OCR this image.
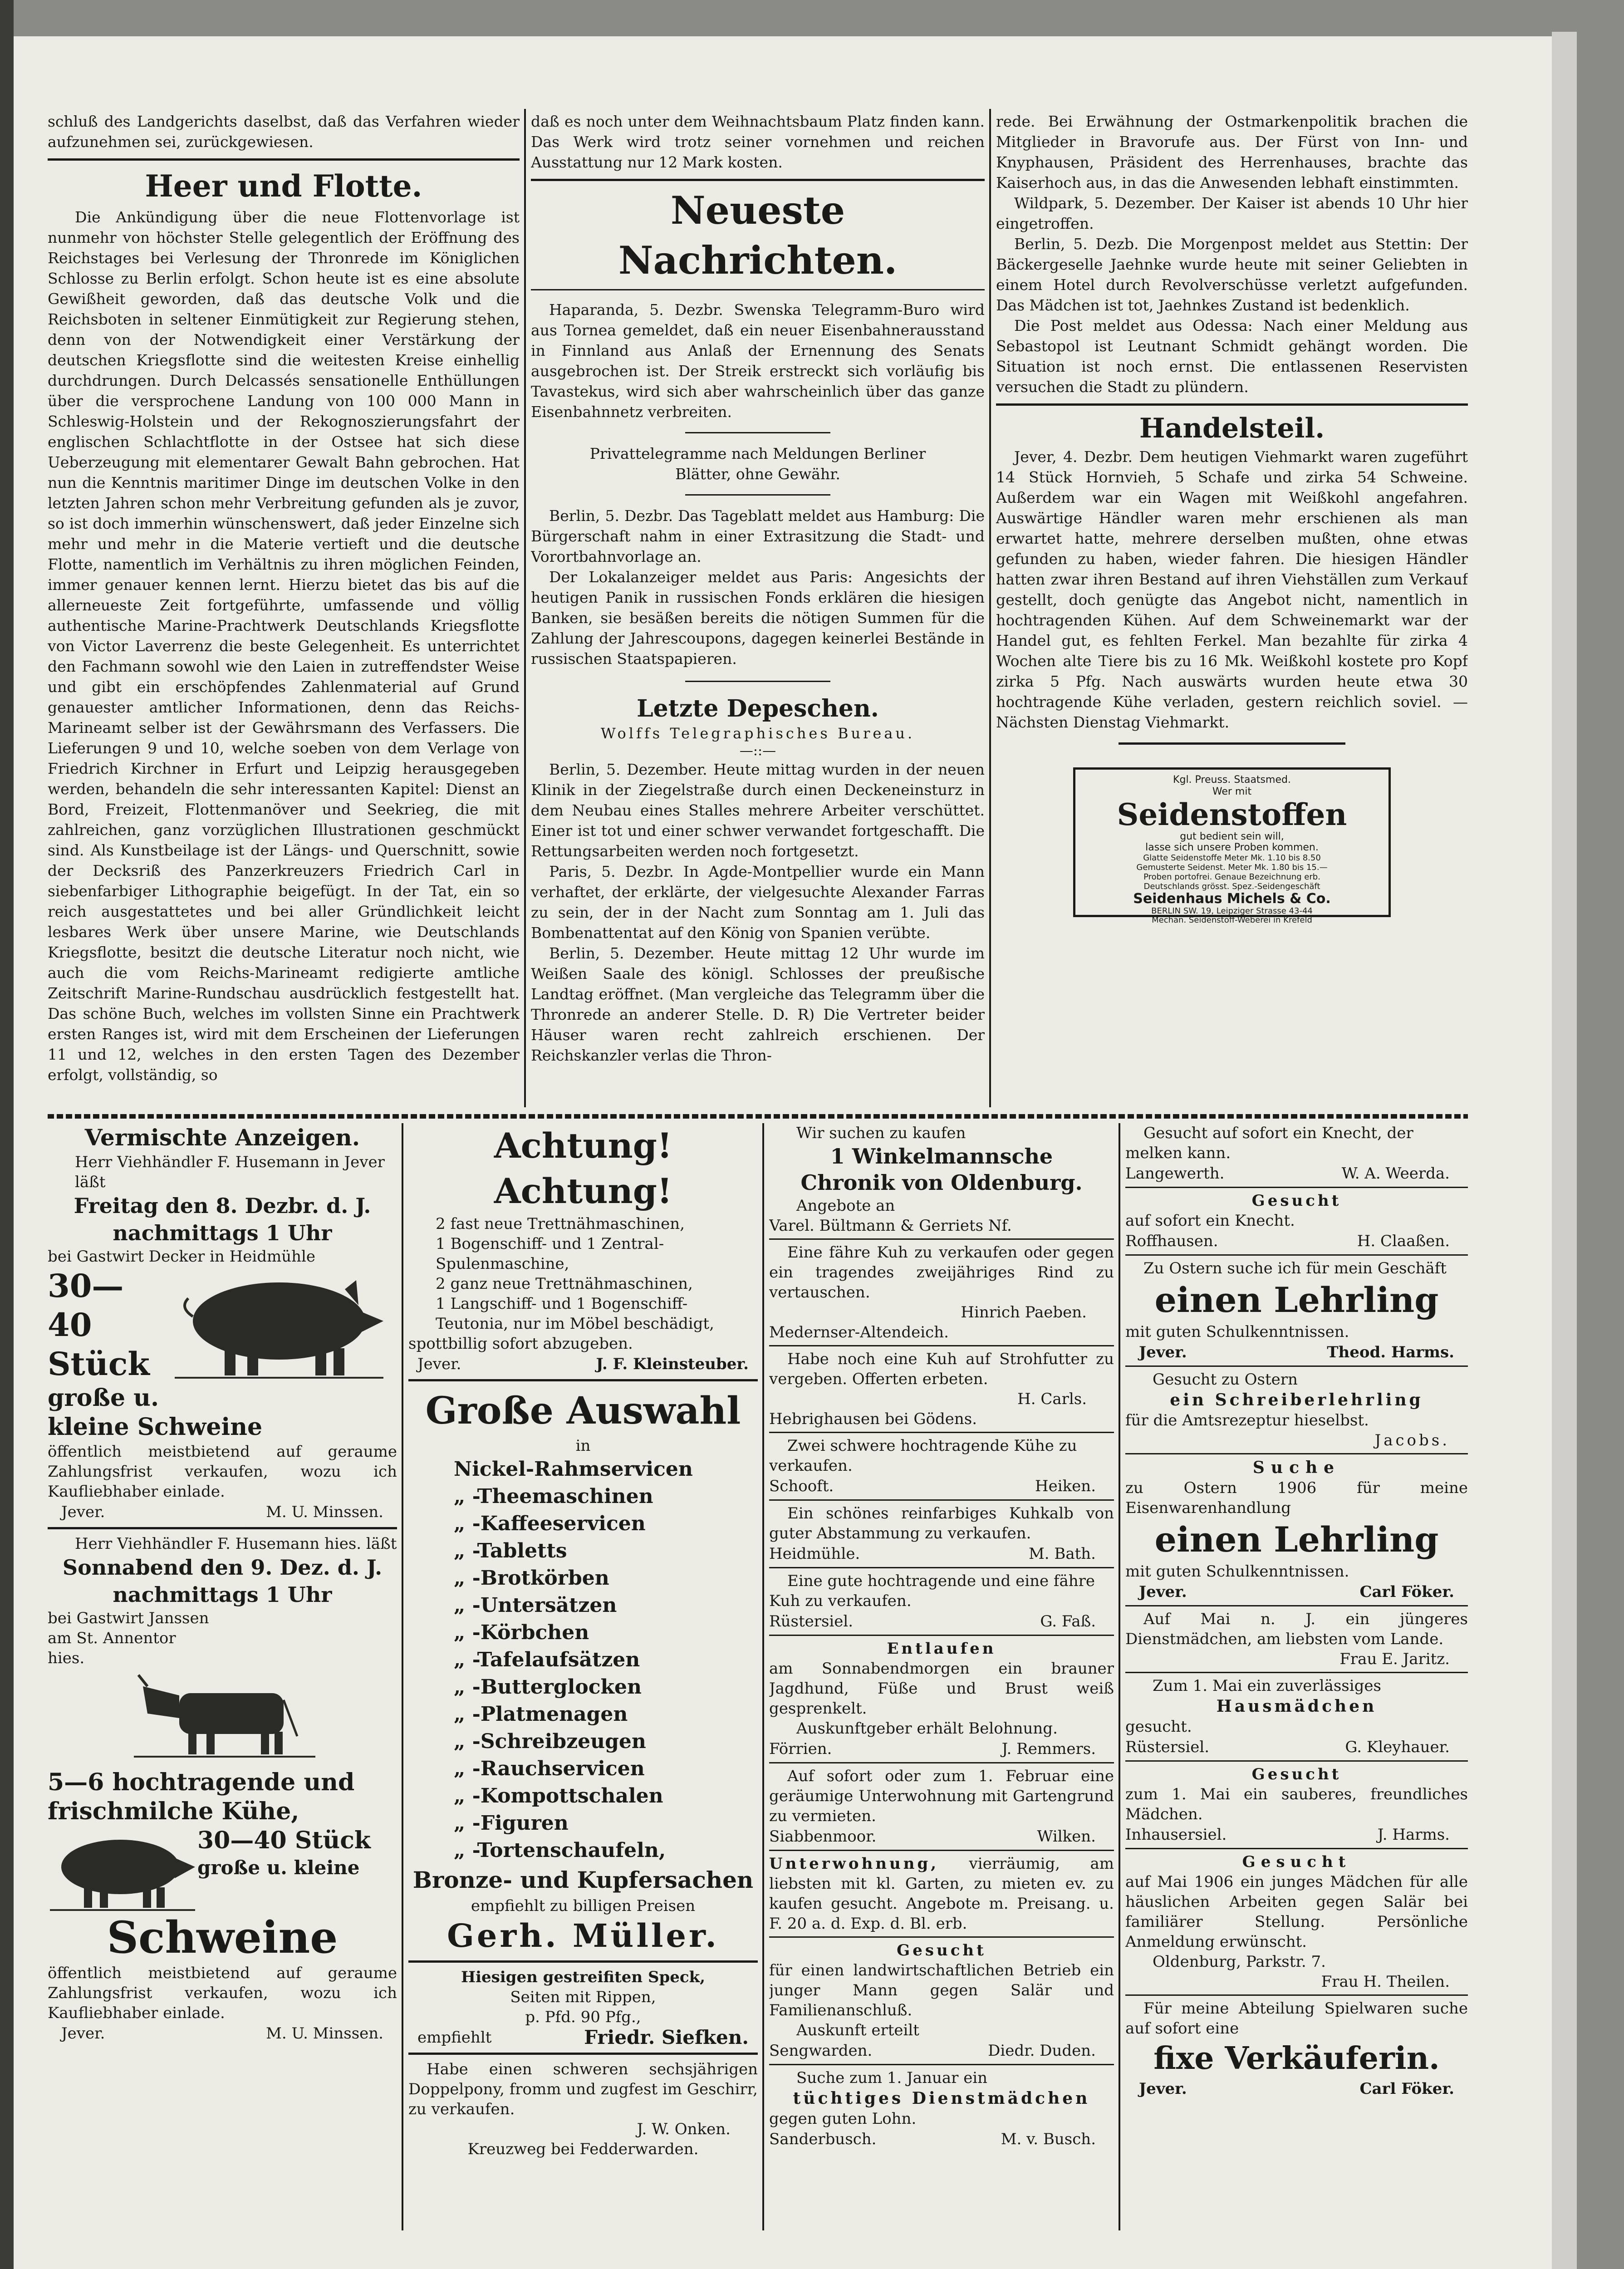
schluß des Landgerichts daselbst, daß das Verfahren wieder aufzunehmen sei, zurückgewiesen.

Heer und Flotte.

Die Ankündigung über die neue Flottenvorlage ist nunmehr von höchster Stelle gelegentlich der Eröffnung des Reichstages bei Verlesung der Thronrede im Königlichen Schlosse zu Berlin erfolgt. Schon heute ist es eine absolute Gewißheit geworden, daß das deutsche Volk und die Reichsboten in seltener Einmütigkeit zur Regierung stehen, denn von der Notwendigkeit einer Verstärkung der deutschen Kriegsflotte sind die weitesten Kreise einhellig durchdrungen. Durch Delcassés sensationelle Enthüllungen über die versprochene Landung von 100 000 Mann in Schleswig-Holstein und der Rekognoszierungsfahrt der englischen Schlachtflotte in der Ostsee hat sich diese Ueberzeugung mit elementarer Gewalt Bahn gebrochen. Hat nun die Kenntnis maritimer Dinge im deutschen Volke in den letzten Jahren schon mehr Verbreitung gefunden als je zuvor, so ist doch immerhin wünschenswert, daß jeder Einzelne sich mehr und mehr in die Materie vertieft und die deutsche Flotte, namentlich im Verhältnis zu ihren möglichen Feinden, immer genauer kennen lernt. Hierzu bietet das bis auf die allerneueste Zeit fortgeführte, umfassende und völlig authentische Marine-Prachtwerk Deutschlands Kriegsflotte von Victor Laverrenz die beste Gelegenheit. Es unterrichtet den Fachmann sowohl wie den Laien in zutreffendster Weise und gibt ein erschöpfendes Zahlenmaterial auf Grund genauester amtlicher Informationen, denn das Reichs-Marineamt selber ist der Gewährsmann des Verfassers. Die Lieferungen 9 und 10, welche soeben von dem Verlage von Friedrich Kirchner in Erfurt und Leipzig herausgegeben werden, behandeln die sehr interessanten Kapitel: Dienst an Bord, Freizeit, Flottenmanöver und Seekrieg, die mit zahlreichen, ganz vorzüglichen Illustrationen geschmückt sind. Als Kunstbeilage ist der Längs- und Querschnitt, sowie der Decksriß des Panzerkreuzers Friedrich Carl in siebenfarbiger Lithographie beigefügt. In der Tat, ein so reich ausgestattetes und bei aller Gründlichkeit leicht lesbares Werk über unsere Marine, wie Deutschlands Kriegsflotte, besitzt die deutsche Literatur noch nicht, wie auch die vom Reichs-Marineamt redigierte amtliche Zeitschrift Marine-Rundschau ausdrücklich festgestellt hat. Das schöne Buch, welches im vollsten Sinne ein Prachtwerk ersten Ranges ist, wird mit dem Erscheinen der Lieferungen 11 und 12, welches in den ersten Tagen des Dezember erfolgt, vollständig, so

daß es noch unter dem Weihnachtsbaum Platz finden kann. Das Werk wird trotz seiner vornehmen und reichen Ausstattung nur 12 Mark kosten.

Neueste Nachrichten.

Haparanda, 5. Dezbr. Swenska Telegramm-Buro wird aus Tornea gemeldet, daß ein neuer Eisenbahnerausstand in Finnland aus Anlaß der Ernennung des Senats ausgebrochen ist. Der Streik erstreckt sich vorläufig bis Tavastekus, wird sich aber wahrscheinlich über das ganze Eisenbahnnetz verbreiten.

Privattelegramme nach Meldungen Berliner Blätter, ohne Gewähr.

Berlin, 5. Dezbr. Das Tageblatt meldet aus Hamburg: Die Bürgerschaft nahm in einer Extrasitzung die Stadt- und Vorortbahnvorlage an.

Der Lokalanzeiger meldet aus Paris: Angesichts der heutigen Panik in russischen Fonds erklären die hiesigen Banken, sie besäßen bereits die nötigen Summen für die Zahlung der Jahrescoupons, dagegen keinerlei Bestände in russischen Staatspapieren.

Letzte Depeschen.
Wolffs Telegraphisches Bureau.
—::—

Berlin, 5. Dezember. Heute mittag wurden in der neuen Klinik in der Ziegelstraße durch einen Deckeneinsturz in dem Neubau eines Stalles mehrere Arbeiter verschüttet. Einer ist tot und einer schwer verwandet fortgeschafft. Die Rettungsarbeiten werden noch fortgesetzt.

Paris, 5. Dezbr. In Agde-Montpellier wurde ein Mann verhaftet, der erklärte, der vielgesuchte Alexander Farras zu sein, der in der Nacht zum Sonntag am 1. Juli das Bombenattentat auf den König von Spanien verübte.

Berlin, 5. Dezember. Heute mittag 12 Uhr wurde im Weißen Saale des königl. Schlosses der preußische Landtag eröffnet. (Man vergleiche das Telegramm über die Thronrede an anderer Stelle. D. R) Die Vertreter beider Häuser waren recht zahlreich erschienen. Der Reichskanzler verlas die Thron-

rede. Bei Erwähnung der Ostmarkenpolitik brachen die Mitglieder in Bravorufe aus. Der Fürst von Inn- und Knyphausen, Präsident des Herrenhauses, brachte das Kaiserhoch aus, in das die Anwesenden lebhaft einstimmten.

Wildpark, 5. Dezember. Der Kaiser ist abends 10 Uhr hier eingetroffen.

Berlin, 5. Dezb. Die Morgenpost meldet aus Stettin: Der Bäckergeselle Jaehnke wurde heute mit seiner Geliebten in einem Hotel durch Revolverschüsse verletzt aufgefunden. Das Mädchen ist tot, Jaehnkes Zustand ist bedenklich.

Die Post meldet aus Odessa: Nach einer Meldung aus Sebastopol ist Leutnant Schmidt gehängt worden. Die Situation ist noch ernst. Die entlassenen Reservisten versuchen die Stadt zu plündern.

Handelsteil.

Jever, 4. Dezbr. Dem heutigen Viehmarkt waren zugeführt 14 Stück Hornvieh, 5 Schafe und zirka 54 Schweine. Außerdem war ein Wagen mit Weißkohl angefahren. Auswärtige Händler waren mehr erschienen als man erwartet hatte, mehrere derselben mußten, ohne etwas gefunden zu haben, wieder fahren. Die hiesigen Händler hatten zwar ihren Bestand auf ihren Viehställen zum Verkauf gestellt, doch genügte das Angebot nicht, namentlich in hochtragenden Kühen. Auf dem Schweinemarkt war der Handel gut, es fehlten Ferkel. Man bezahlte für zirka 4 Wochen alte Tiere bis zu 16 Mk. Weißkohl kostete pro Kopf zirka 5 Pfg. Nach auswärts wurden heute etwa 30 hochtragende Kühe verladen, gestern reichlich soviel. — Nächsten Dienstag Viehmarkt.

Kgl. Preuss. Staatsmed.
Wer mit
Seidenstoffen
gut bedient sein will,
lasse sich unsere Proben kommen.
Glatte Seidenstoffe Meter Mk. 1.10 bis 8.50
Gemusterte Seidenst. Meter Mk. 1.80 bis 15.—
Proben portofrei. Genaue Bezeichnung erb.
Deutschlands grösst. Spez.-Seidengeschäft
Seidenhaus Michels & Co.
BERLIN SW. 19, Leipziger Strasse 43-44
Mechan. Seidenstoff-Weberei in Krefeld
Vermischte Anzeigen.
Herr Viehhändler F. Husemann in Jever läßt
Freitag den 8. Dezbr. d. J.
nachmittags 1 Uhr
bei Gastwirt Decker in Heidmühle
30—40
Stück
große u.
kleine Schweine
öffentlich meistbietend auf geraume Zahlungsfrist verkaufen, wozu ich Kaufliebhaber einlade.
Jever.	M. U. Minssen.
Herr Viehhändler F. Husemann hies. läßt
Sonnabend den 9. Dez. d. J.
nachmittags 1 Uhr
bei Gastwirt Janssen am St. Annentor hies.
5—6 hochtragende und
frischmilche Kühe,
30—40 Stück
große u. kleine
Schweine
öffentlich meistbietend auf geraume Zahlungsfrist verkaufen, wozu ich Kaufliebhaber einlade.
Jever.	M. U. Minssen.
Achtung! Achtung!
2 fast neue Trettnähmaschinen,
1 Bogenschiff- und 1 Zentral-Spulenmaschine,
2 ganz neue Trettnähmaschinen,
1 Langschiff- und 1 Bogenschiff-Teutonia, nur im Möbel beschädigt,
spottbillig sofort abzugeben.
Jever.	J. F. Kleinsteuber.
Große Auswahl
in
Nickel-Rahmservicen
„ -Theemaschinen
„ -Kaffeeservicen
„ -Tabletts
„ -Brotkörben
„ -Untersätzen
„ -Körbchen
„ -Tafelaufsätzen
„ -Butterglocken
„ -Platmenagen
„ -Schreibzeugen
„ -Rauchservicen
„ -Kompottschalen
„ -Figuren
„ -Tortenschaufeln,
Bronze- und Kupfersachen
empfiehlt zu billigen Preisen
Gerh. Müller.
Hiesigen gestreifiten Speck,
Seiten mit Rippen,
p. Pfd. 90 Pfg.,
empfiehlt	Friedr. Siefken.
Habe einen schweren sechsjährigen Doppelpony, fromm und zugfest im Geschirr, zu verkaufen.
J. W. Onken.
Kreuzweg bei Fedderwarden.
Wir suchen zu kaufen
1 Winkelmannsche
Chronik von Oldenburg.
Angebote an
Varel. Bültmann & Gerriets Nf.
Eine fähre Kuh zu verkaufen oder gegen ein tragendes zweijähriges Rind zu vertauschen.
Hinrich Paeben.
Medernser-Altendeich.
Habe noch eine Kuh auf Strohfutter zu vergeben. Offerten erbeten.
H. Carls.
Hebrighausen bei Gödens.
Zwei schwere hochtragende Kühe zu verkaufen.
Schooft.	Heiken.
Ein schönes reinfarbiges Kuhkalb von guter Abstammung zu verkaufen.
Heidmühle.	M. Bath.
Eine gute hochtragende und eine fähre Kuh zu verkaufen.
Rüstersiel.	G. Faß.
Entlaufen
am Sonnabendmorgen ein brauner Jagdhund, Füße und Brust weiß gesprenkelt.
Auskunftgeber erhält Belohnung.
Förrien.	J. Remmers.
Auf sofort oder zum 1. Februar eine geräumige Unterwohnung mit Gartengrund zu vermieten.
Siabbenmoor.	Wilken.
Unterwohnung, vierräumig, am liebsten mit kl. Garten, zu mieten ev. zu kaufen gesucht. Angebote m. Preisang. u. F. 20 a. d. Exp. d. Bl. erb.
Gesucht
für einen landwirtschaftlichen Betrieb ein junger Mann gegen Salär und Familienanschluß.
Auskunft erteilt
Sengwarden.	Diedr. Duden.
Suche zum 1. Januar ein
tüchtiges Dienstmädchen
gegen guten Lohn.
Sanderbusch.	M. v. Busch.
Gesucht auf sofort ein Knecht, der melken kann.
Langewerth.	W. A. Weerda.
Gesucht
auf sofort ein Knecht.
Roffhausen.	H. Claaßen.
Zu Ostern suche ich für mein Geschäft
einen Lehrling
mit guten Schulkenntnissen.
Jever.	Theod. Harms.
Gesucht zu Ostern
ein Schreiberlehrling
für die Amtsrezeptur hieselbst.
Jacobs.
Suche
zu Ostern 1906 für meine Eisenwarenhandlung
einen Lehrling
mit guten Schulkenntnissen.
Jever.	Carl Föker.
Auf Mai n. J. ein jüngeres Dienstmädchen, am liebsten vom Lande.
Frau E. Jaritz.
Zum 1. Mai ein zuverlässiges
Hausmädchen
gesucht.
Rüstersiel.	G. Kleyhauer.
Gesucht
zum 1. Mai ein sauberes, freundliches Mädchen.
Inhausersiel.	J. Harms.
Gesucht
auf Mai 1906 ein junges Mädchen für alle häuslichen Arbeiten gegen Salär bei familiärer Stellung. Persönliche Anmeldung erwünscht.
Oldenburg, Parkstr. 7.
Frau H. Theilen.
Für meine Abteilung Spielwaren suche auf sofort eine
fixe Verkäuferin.
Jever.	Carl Föker.
